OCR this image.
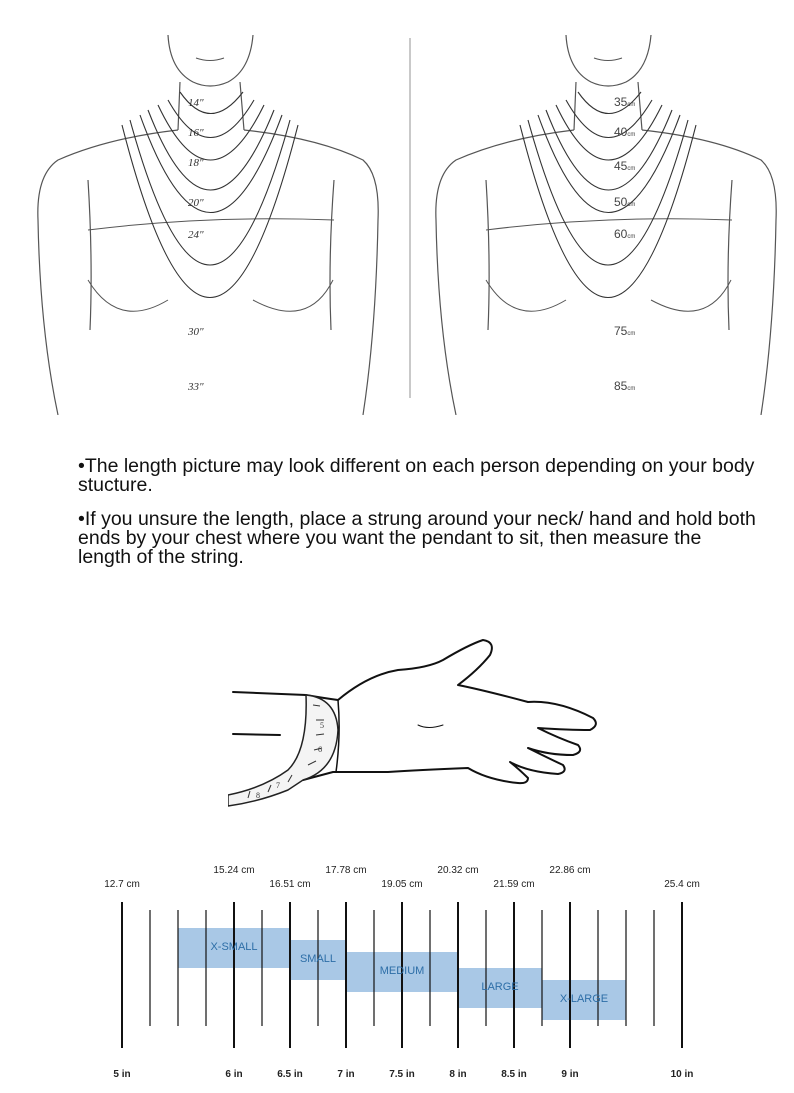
14"
16"
18"
20"
24"
30"
33"
35cm
40cm
45cm
50cm
60cm
75cm
85cm

•The length picture may look different on each person depending on your body stucture.

•If you unsure the length, place a strung around your neck/ hand and hold both ends by your chest where you want the pendant to sit, then measure the length of the string.

5
6
7
8
X-SMALL
SMALL
MEDIUM
LARGE
X-LARGE
12.7 cm
15.24 cm
16.51 cm
17.78 cm
19.05 cm
20.32 cm
21.59 cm
22.86 cm
25.4 cm
5 in	6 in	6.5 in	7 in	7.5 in	8 in	8.5 in	9 in	10 in
